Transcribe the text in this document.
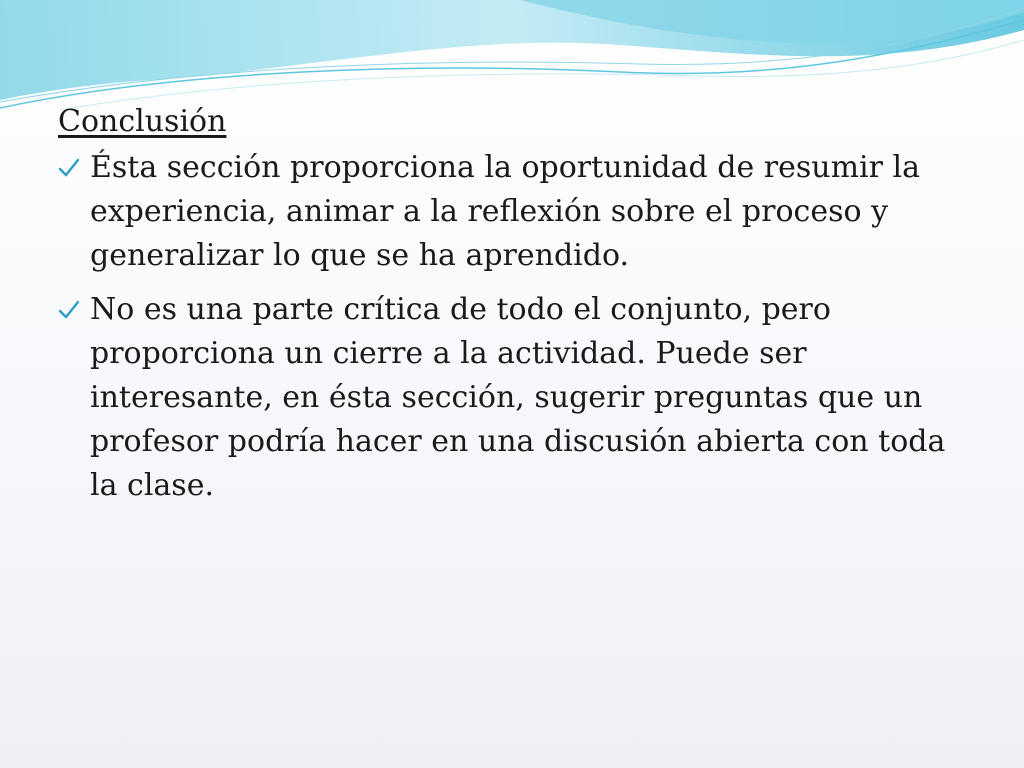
Conclusión
Ésta sección proporciona la oportunidad de resumir la experiencia, animar a la reflexión sobre el proceso y generalizar lo que se ha aprendido.
No es una parte crítica de todo el conjunto, pero proporciona un cierre a la actividad. Puede ser interesante, en ésta sección, sugerir preguntas que un profesor podría hacer en una discusión abierta con toda la clase.
